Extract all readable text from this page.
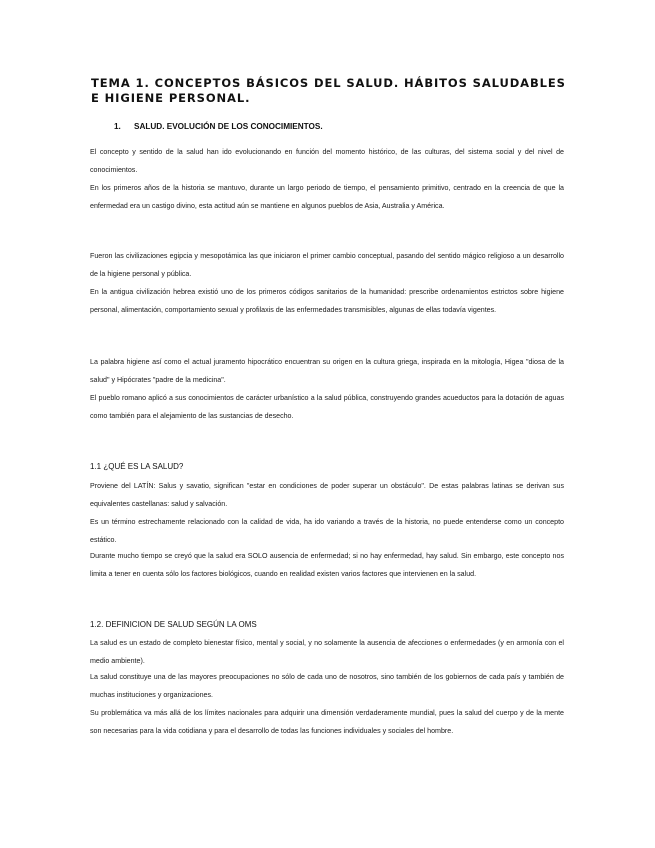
TEMA 1. CONCEPTOS BÁSICOS DEL SALUD. HÁBITOS SALUDABLES E HIGIENE PERSONAL.

1. SALUD. EVOLUCIÓN DE LOS CONOCIMIENTOS.

El concepto y sentido de la salud han ido evolucionando en función del momento histórico, de las culturas, del sistema social y del nivel de conocimientos.

En los primeros años de la historia se mantuvo, durante un largo periodo de tiempo, el pensamiento primitivo, centrado en la creencia de que la enfermedad era un castigo divino, esta actitud aún se mantiene en algunos pueblos de Asia, Australia y América.

Fueron las civilizaciones egipcia y mesopotámica las que iniciaron el primer cambio conceptual, pasando del sentido mágico religioso a un desarrollo de la higiene personal y pública.

En la antigua civilización hebrea existió uno de los primeros códigos sanitarios de la humanidad: prescribe ordenamientos estrictos sobre higiene personal, alimentación, comportamiento sexual y profilaxis de las enfermedades transmisibles, algunas de ellas todavía vigentes.

La palabra higiene así como el actual juramento hipocrático encuentran su origen en la cultura griega, inspirada en la mitología, Higea "diosa de la salud" y Hipócrates "padre de la medicina".

El pueblo romano aplicó a sus conocimientos de carácter urbanístico a la salud pública, construyendo grandes acueductos para la dotación de aguas como también para el alejamiento de las sustancias de desecho.

1.1 ¿QUÉ ES LA SALUD?

Proviene del LATÍN: Salus y savatio, significan "estar en condiciones de poder superar un obstáculo". De estas palabras latinas se derivan sus equivalentes castellanas: salud y salvación.

Es un término estrechamente relacionado con la calidad de vida, ha ido variando a través de la historia, no puede entenderse como un concepto estático.

Durante mucho tiempo se creyó que la salud era SOLO ausencia de enfermedad; si no hay enfermedad, hay salud. Sin embargo, este concepto nos limita a tener en cuenta sólo los factores biológicos, cuando en realidad existen varios factores que intervienen en la salud.

1.2. DEFINICION DE SALUD SEGÚN LA OMS

La salud es un estado de completo bienestar físico, mental y social, y no solamente la ausencia de afecciones o enfermedades (y en armonía con el medio ambiente).

La salud constituye una de las mayores preocupaciones no sólo de cada uno de nosotros, sino también de los gobiernos de cada país y también de muchas instituciones y organizaciones.

Su problemática va más allá de los límites nacionales para adquirir una dimensión verdaderamente mundial, pues la salud del cuerpo y de la mente son necesarias para la vida cotidiana y para el desarrollo de todas las funciones individuales y sociales del hombre.
